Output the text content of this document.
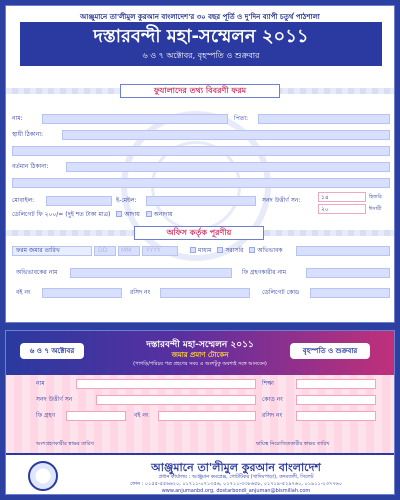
আঞ্জুমানে তা'লীমুল কুরআন বাংলাদেশ'র ৩০ বছর পূর্তি ও দু'দিন ব্যাপী চতুর্থ পাঠশালা
দস্তারবন্দী মহা-সম্মেলন ২০১১
৬ ও ৭ অক্টোবর, বৃহস্পতি ও শুক্রবার
ফুযালাদের তথ্য বিবরণী ফরম
নাম:	পিতা:
স্থায়ী ঠিকানা:
বর্তমান ঠিকানা:
মোবাইল:	ই-মেইল:	সনদ উত্তীর্ণ সন:	১৪	হিজরি
২০	ঈসায়ী
ডেলিগেট ফি ২০০/= (দুই শত টাকা মাত্র) আদায় অনাদায়
অফিস কর্তৃক পূরণীয়
ফরম জমার তারিখ	DD MM YYYY	মাধ্যম সরাসরি অভিভাবক
অভিভাবকের নাম	ফি গ্রহণকারীর নাম
বই নং	রসিদ নং	ডেলিগেট কোড
৬ ও ৭ অক্টোবর	বৃহস্পতি ও শুক্রবার
দস্তারবন্দী মহা-সম্মেলন ২০১১
জমার প্রমাণ টোকেন
(পাগড়ি/পরিচয় পত্র গ্রহণের সময় এ অংশটুকু অবশ্যই সঙ্গে আনবেন)
নাম	শিক্ষা
সনদ উত্তীর্ণ সন	কোড নং
ফি গ্রহণ	বই নং	রসিদ নং
অংশগ্রহণকারীর স্বাক্ষর তারিখ	দ্বায়িত্ব নিয়োজিতকারীর স্বাক্ষর তারিখ
আঞ্জুমানে তা'লীমুল কুরআন বাংলাদেশ
প্রধান কার্যালয় : আঞ্জুমান কমপ্লেক্স, গোটটিকর (খাদিমপাড়া), কদমতলী, সিলেট
ফোন : ০১৫৫-৫৫৬৬২০, ০১৭১১-০৭১৩৫৬, ০১৭১১-৩৩৮৬৫৮, ০১৭১৯-৫২৯৭৬০, ০১৯১১-২৩৭৭৬০
www.anjumanbd.org, dostarbondi_anjuman@bismillah.com
